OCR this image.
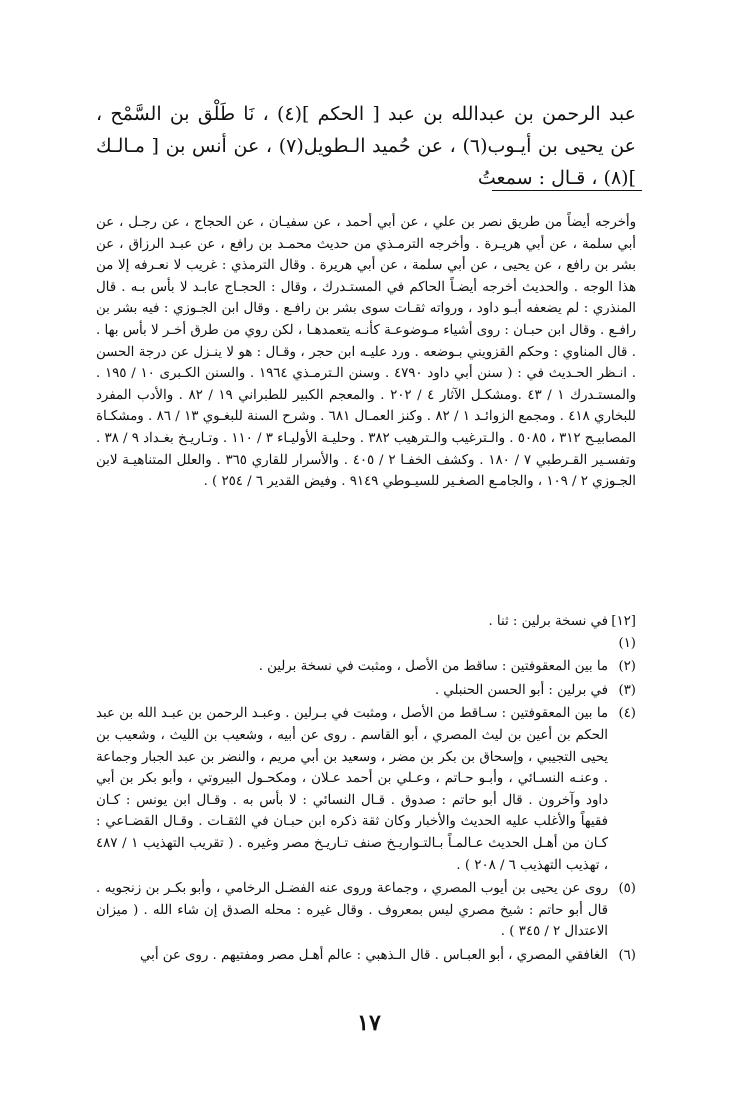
عبد الرحمن بن عبدالله بن عبد [ الحكم ](٤) ، نَا طَلْق بن السَّمْح ، عن يحيى بن أيـوب(٦) ، عن حُميد الـطويل(٧) ، عن أنس بن [ مـالـك ](٨) ، قـال : سمعتُ

وأخرجه أيضاً من طريق نصر بن علي ، عن أبي أحمد ، عن سفيـان ، عن الحجاج ، عن رجـل ، عن أبي سلمة ، عن أبي هريـرة . وأخرجه الترمـذي من حديث محمـد بن رافع ، عن عبـد الرزاق ، عن بشر بن رافع ، عن يحيى ، عن أبي سلمة ، عن أبي هريرة . وقال الترمذي : غريب لا نعـرفه إلا من هذا الوجه . والحديث أخرجه أيضـاً الحاكم في المستـدرك ، وقال : الحجـاج عابـد لا بأس بـه . قال المنذري : لم يضعفه أبـو داود ، ورواته ثقـات سوى بشر بن رافـع . وقال ابن الجـوزي : فيه بشر بن رافـع . وقال ابن حبـان : روى أشياء مـوضوعـة كأنـه يتعمدهـا ، لكن روي من طرق أخـر لا بأس بها . . قال المناوي : وحكم القزويني بـوضعه . ورد عليـه ابن حجر ، وقـال : هو لا ينـزل عن درجة الحسن . انـظر الحـديث في : ( سنن أبي داود ٤٧٩٠ . وسنن الـترمـذي ١٩٦٤ . والسنن الكـبرى ١٠ / ١٩٥ . والمستـدرك ١ / ٤٣ .ومشكـل الآثار ٤ / ٢٠٢ . والمعجم الكبير للطبراني ١٩ / ٨٢ . والأدب المفرد للبخاري ٤١٨ . ومجمع الزوائـد ١ / ٨٢ . وكنز العمـال ٦٨١ . وشرح السنة للبغـوي ١٣ / ٨٦ . ومشكـاة المصابيـح ٣١٢ ، ٥٠٨٥ . والـترغيب والـترهيب ٣٨٢ . وحليـة الأوليـاء ٣ / ١١٠ . وتـاريـخ بغـداد ٩ / ٣٨ . وتفسـير القـرطبي ٧ / ١٨٠ . وكشف الخفـا ٢ / ٤٠٥ . والأسرار للقاري ٣٦٥ . والعلل المتناهيـة لابن الجـوزي ٢ / ١٠٩ ، والجامـع الصغـير للسيـوطي ٩١٤٩ . وفيض القدير ٦ / ٢٥٤ ) .

[١٢] (١)
في نسخة برلين : ثنا .
(٢)
ما بين المعقوفتين : ساقط من الأصل ، ومثبت في نسخة برلين .
(٣)
في برلين : أبو الحسن الحنبلي .
(٤)
ما بين المعقوفتين : سـاقط من الأصل ، ومثبت في بـرلين . وعبـد الرحمن بن عبـد الله بن عبد الحكم بن أعين بن ليث المصري ، أبو القاسم . روى عن أبيه ، وشعيب بن الليث ، وشعيب بن يحيى التجيبي ، وإسحاق بن بكر بن مضر ، وسعيد بن أبي مريم ، والنضر بن عبد الجبار وجماعة . وعنـه النسـائي ، وأبـو حـاتم ، وعـلي بن أحمد عـلان ، ومكحـول البيروتي ، وأبو بكر بن أبي داود وآخرون . قال أبو حاتم : صدوق . قـال النسائي : لا بأس به . وقـال ابن يونس : كـان فقيهاً والأغلب عليه الحديث والأخبار وكان ثقة ذكره ابن حبـان في الثقـات . وقـال القضـاعي : كـان من أهـل الحديث عـالمـاً بـالتـواريـخ صنف تـاريـخ مصر وغيره . ( تقريب التهذيب ١ / ٤٨٧ ، تهذيب التهذيب ٦ / ٢٠٨ ) .
(٥)
روى عن يحيى بن أيوب المصري ، وجماعة وروى عنه الفضـل الرخامي ، وأبو بكـر بن زنجويه . قال أبو حاتم : شيخ مصري ليس بمعروف . وقال غيره : محله الصدق إن شاء الله . ( ميزان الاعتدال ٢ / ٣٤٥ ) .
(٦)
الغافقي المصري ، أبو العبـاس . قال الـذهبي : عالم أهـل مصر ومفتيهم . روى عن أبي
١٧
